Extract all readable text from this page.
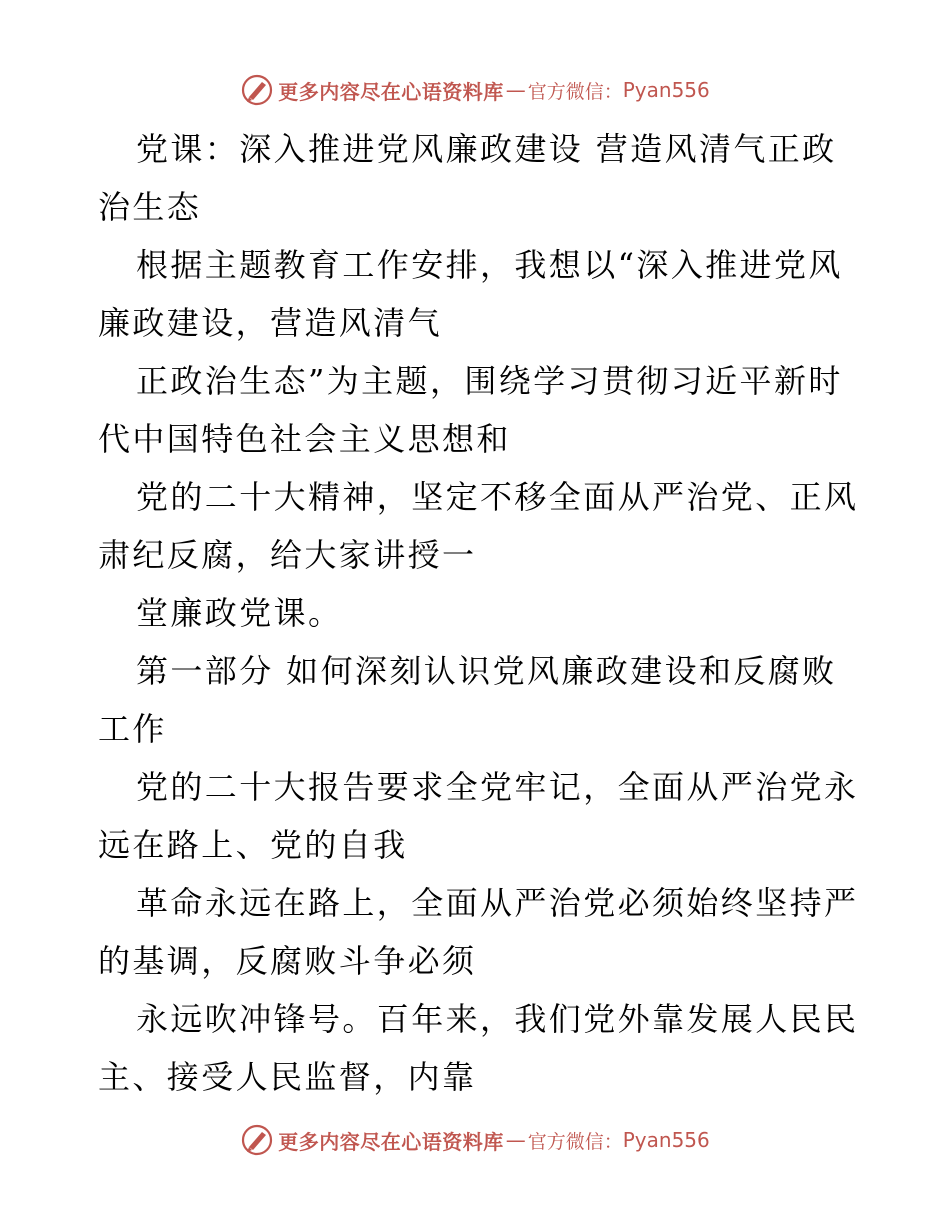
更多内容尽在心语资料库 — 官方微信： Pyan556
党课：深入推进党风廉政建设 营造风清气正政
治生态
根据主题教育工作安排，我想以“深入推进党风
廉政建设，营造风清气
正政治生态”为主题，围绕学习贯彻习近平新时
代中国特色社会主义思想和
党的二十大精神，坚定不移全面从严治党、正风
肃纪反腐，给大家讲授一
堂廉政党课。
第一部分 如何深刻认识党风廉政建设和反腐败
工作
党的二十大报告要求全党牢记，全面从严治党永
远在路上、党的自我
革命永远在路上，全面从严治党必须始终坚持严
的基调，反腐败斗争必须
永远吹冲锋号。百年来，我们党外靠发展人民民
主、接受人民监督，内靠
更多内容尽在心语资料库 — 官方微信： Pyan556
